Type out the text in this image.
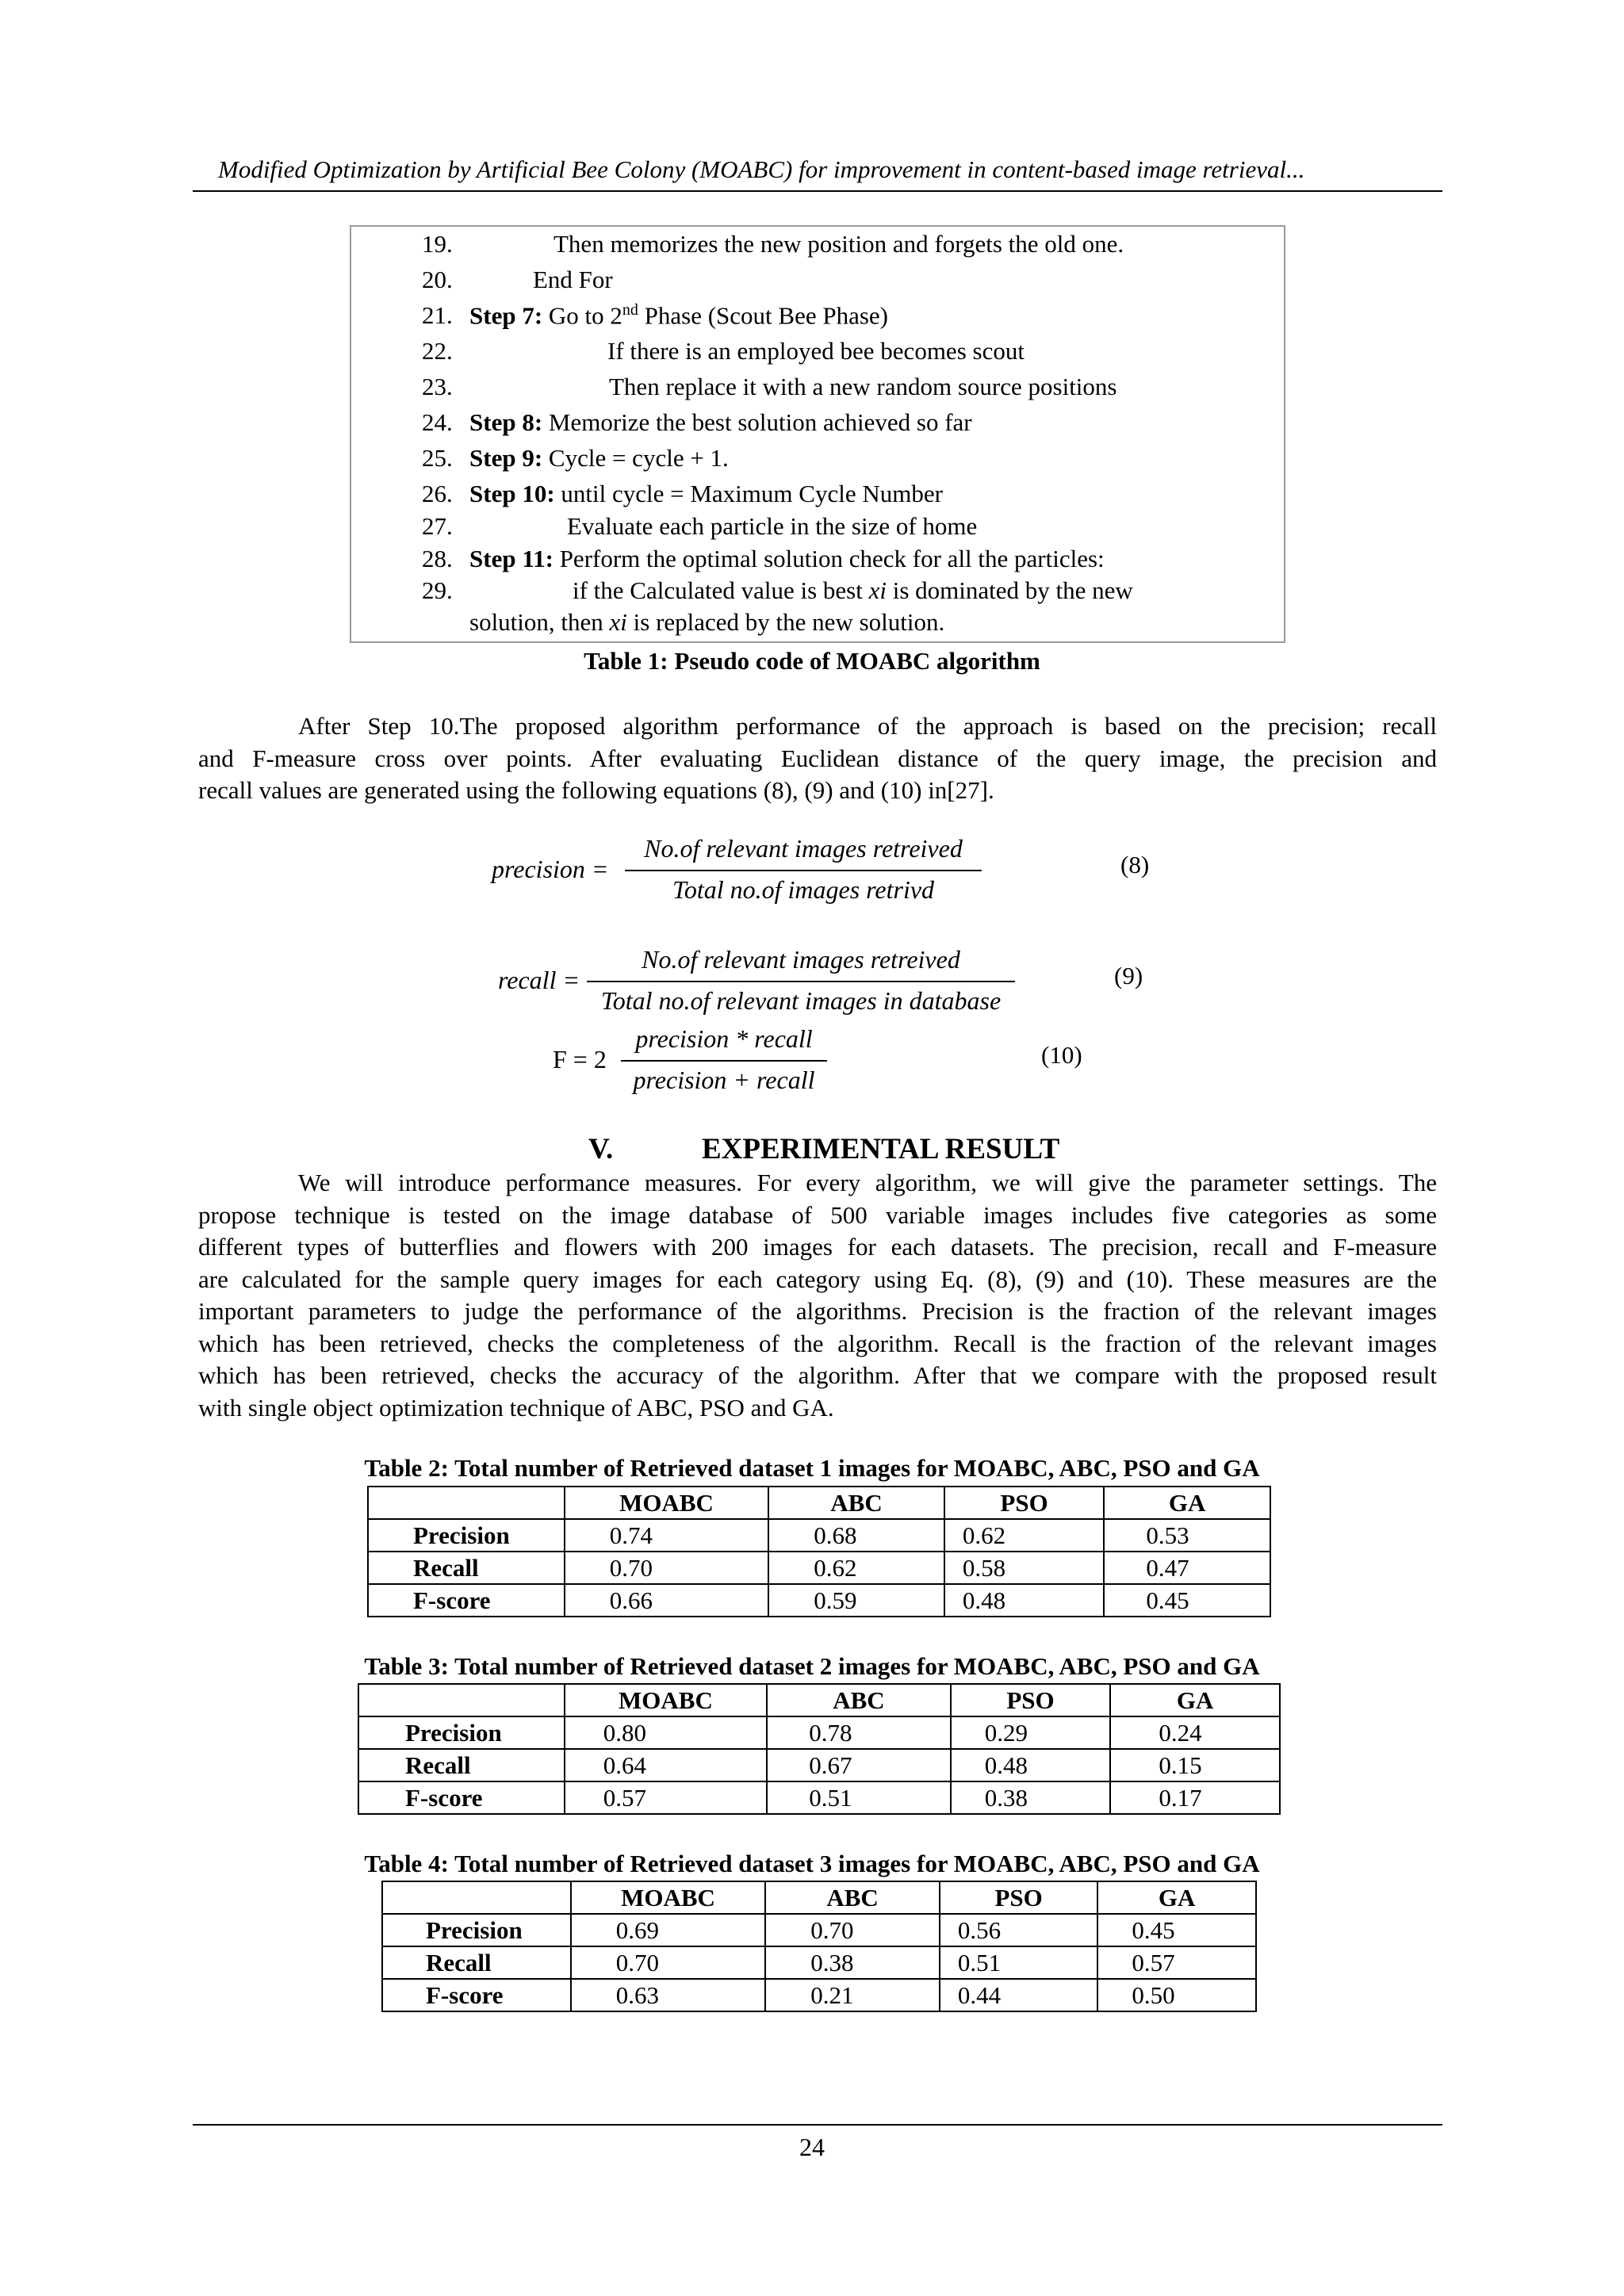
Modified Optimization by Artificial Bee Colony (MOABC) for improvement in content-based image retrieval...
19.	Then memorizes the new position and forgets the old one.
20.	End For
21. Step 7: Go to 2nd Phase (Scout Bee Phase)
22.	If there is an employed bee becomes scout
23.	Then replace it with a new random source positions
24. Step 8: Memorize the best solution achieved so far
25. Step 9: Cycle = cycle + 1.
26. Step 10: until cycle = Maximum Cycle Number
27.	Evaluate each particle in the size of home
28. Step 11: Perform the optimal solution check for all the particles:
29.	if the Calculated value is best xi is dominated by the new
solution, then xi is replaced by the new solution.
Table 1: Pseudo code of MOABC algorithm
After Step 10.The proposed algorithm performance of the approach is based on the precision; recall
and F-measure cross over points. After evaluating Euclidean distance of the query image, the precision and
recall values are generated using the following equations (8), (9) and (10) in[27].
precision =
No.of relevant images retreived
Total no.of images retrivd
(8)
recall =
No.of relevant images retreived
Total no.of relevant images in database
(9)
F = 2
precision * recall
precision + recall
(10)
V.	EXPERIMENTAL RESULT
We will introduce performance measures. For every algorithm, we will give the parameter settings. The
propose technique is tested on the image database of 500 variable images includes five categories as some
different types of butterflies and flowers with 200 images for each datasets. The precision, recall and F-measure
are calculated for the sample query images for each category using Eq. (8), (9) and (10). These measures are the
important parameters to judge the performance of the algorithms. Precision is the fraction of the relevant images
which has been retrieved, checks the completeness of the algorithm. Recall is the fraction of the relevant images
which has been retrieved, checks the accuracy of the algorithm. After that we compare with the proposed result
with single object optimization technique of ABC, PSO and GA.
Table 2: Total number of Retrieved dataset 1 images for MOABC, ABC, PSO and GA
	MOABC	ABC	PSO	GA
Precision	0.74	0.68	0.62	0.53
Recall	0.70	0.62	0.58	0.47
F-score	0.66	0.59	0.48	0.45
Table 3: Total number of Retrieved dataset 2 images for MOABC, ABC, PSO and GA
	MOABC	ABC	PSO	GA
Precision	0.80	0.78	0.29	0.24
Recall	0.64	0.67	0.48	0.15
F-score	0.57	0.51	0.38	0.17
Table 4: Total number of Retrieved dataset 3 images for MOABC, ABC, PSO and GA
	MOABC	ABC	PSO	GA
Precision	0.69	0.70	0.56	0.45
Recall	0.70	0.38	0.51	0.57
F-score	0.63	0.21	0.44	0.50
24
